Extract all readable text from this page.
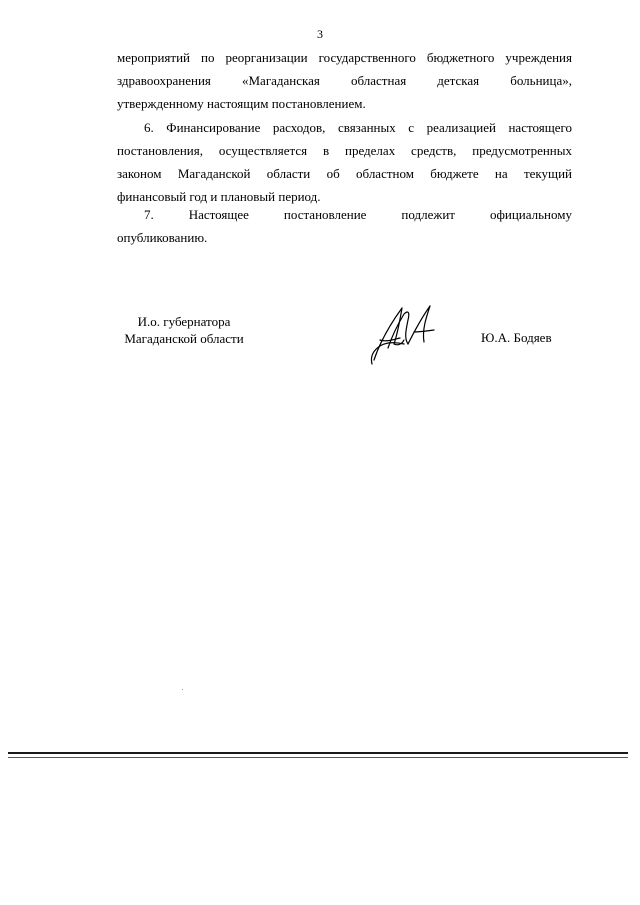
3
мероприятий по реорганизации государственного бюджетного учреждения
здравоохранения «Магаданская областная детская больница»,
утвержденному настоящим постановлением.
6. Финансирование расходов, связанных с реализацией настоящего
постановления, осуществляется в пределах средств, предусмотренных
законом Магаданской области об областном бюджете на текущий
финансовый год и плановый период.
7. Настоящее постановление подлежит официальному
опубликованию.
И.о. губернатора
Магаданской области	Ю.А. Бодяев
